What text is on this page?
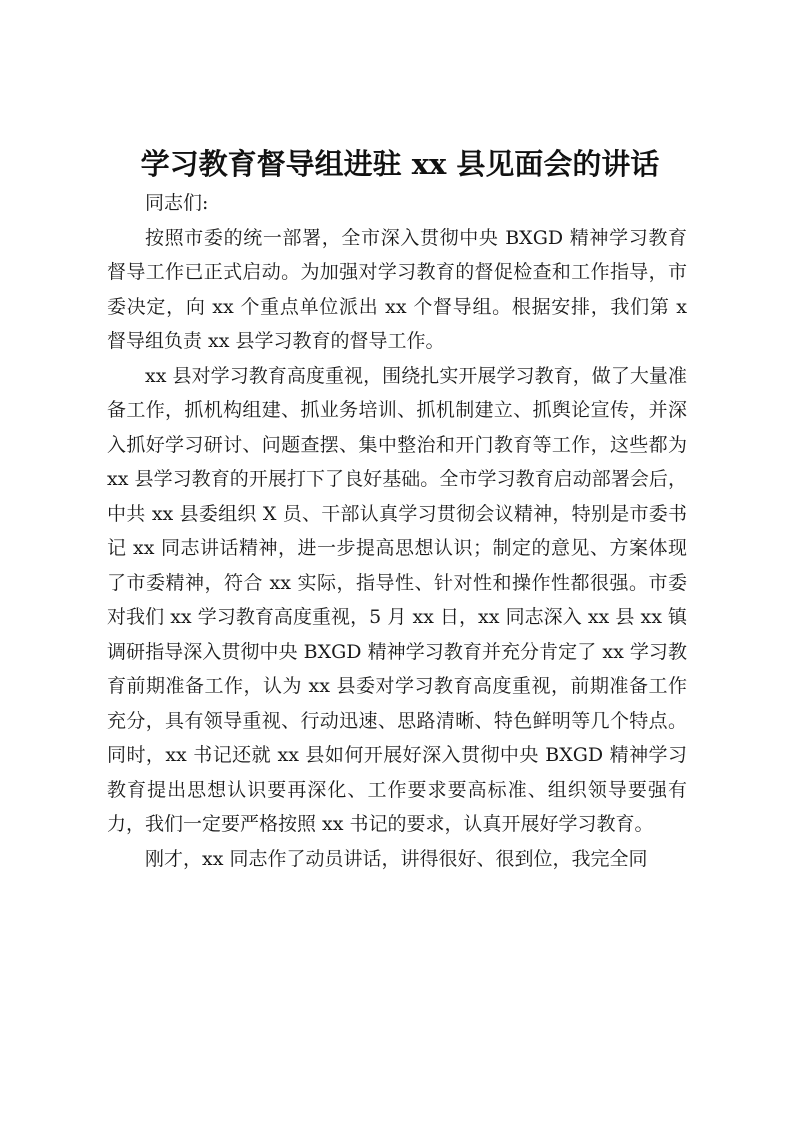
学习教育督导组进驻 xx 县见面会的讲话

同志们:

按照市委的统一部署，全市深入贯彻中央 BXGD 精神学习教育督导工作已正式启动。为加强对学习教育的督促检查和工作指导，市委决定，向 xx 个重点单位派出 xx 个督导组。根据安排，我们第 x 督导组负责 xx 县学习教育的督导工作。

xx 县对学习教育高度重视，围绕扎实开展学习教育，做了大量准备工作，抓机构组建、抓业务培训、抓机制建立、抓舆论宣传，并深入抓好学习研讨、问题查摆、集中整治和开门教育等工作，这些都为 xx 县学习教育的开展打下了良好基础。全市学习教育启动部署会后，中共 xx 县委组织 X 员、干部认真学习贯彻会议精神，特别是市委书记 xx 同志讲话精神，进一步提高思想认识；制定的意见、方案体现了市委精神，符合 xx 实际，指导性、针对性和操作性都很强。市委对我们 xx 学习教育高度重视，5 月 xx 日，xx 同志深入 xx 县 xx 镇调研指导深入贯彻中央 BXGD 精神学习教育并充分肯定了 xx 学习教育前期准备工作，认为 xx 县委对学习教育高度重视，前期准备工作充分，具有领导重视、行动迅速、思路清晰、特色鲜明等几个特点。同时，xx 书记还就 xx 县如何开展好深入贯彻中央 BXGD 精神学习教育提出思想认识要再深化、工作要求要高标准、组织领导要强有力，我们一定要严格按照 xx 书记的要求，认真开展好学习教育。

刚才，xx 同志作了动员讲话，讲得很好、很到位，我完全同
